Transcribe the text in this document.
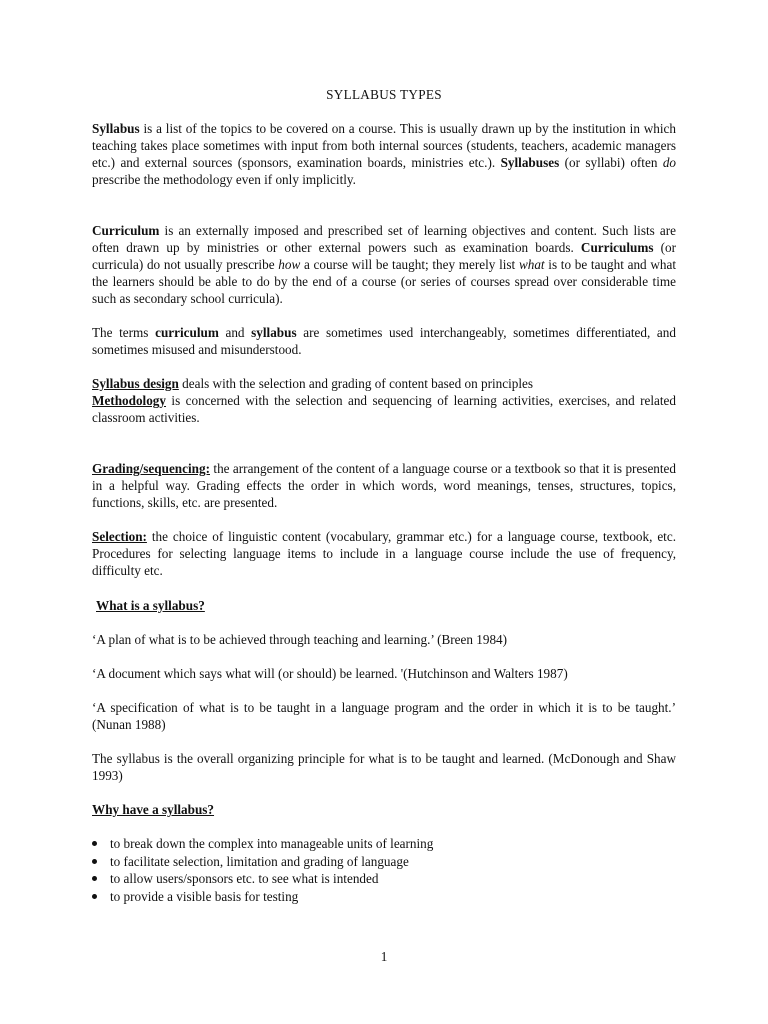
SYLLABUS TYPES

Syllabus is a list of the topics to be covered on a course. This is usually drawn up by the institution in which teaching takes place sometimes with input from both internal sources (students, teachers, academic managers etc.) and external sources (sponsors, examination boards, ministries etc.). Syllabuses (or syllabi) often do prescribe the methodology even if only implicitly.

Curriculum is an externally imposed and prescribed set of learning objectives and content. Such lists are often drawn up by ministries or other external powers such as examination boards. Curriculums (or curricula) do not usually prescribe how a course will be taught; they merely list what is to be taught and what the learners should be able to do by the end of a course (or series of courses spread over considerable time such as secondary school curricula).

The terms curriculum and syllabus are sometimes used interchangeably, sometimes differentiated, and sometimes misused and misunderstood.

Syllabus design deals with the selection and grading of content based on principles
Methodology is concerned with the selection and sequencing of learning activities, exercises, and related classroom activities.

Grading/sequencing: the arrangement of the content of a language course or a textbook so that it is presented in a helpful way. Grading effects the order in which words, word meanings, tenses, structures, topics, functions, skills, etc. are presented.

Selection: the choice of linguistic content (vocabulary, grammar etc.) for a language course, textbook, etc. Procedures for selecting language items to include in a language course include the use of frequency, difficulty etc.

What is a syllabus?

‘A plan of what is to be achieved through teaching and learning.’ (Breen 1984)

‘A document which says what will (or should) be learned. '(Hutchinson and Walters 1987)

‘A specification of what is to be taught in a language program and the order in which it is to be taught.’ (Nunan 1988)

The syllabus is the overall organizing principle for what is to be taught and learned. (McDonough and Shaw 1993)

Why have a syllabus?

to break down the complex into manageable units of learning
to facilitate selection, limitation and grading of language
to allow users/sponsors etc. to see what is intended
to provide a visible basis for testing
1
